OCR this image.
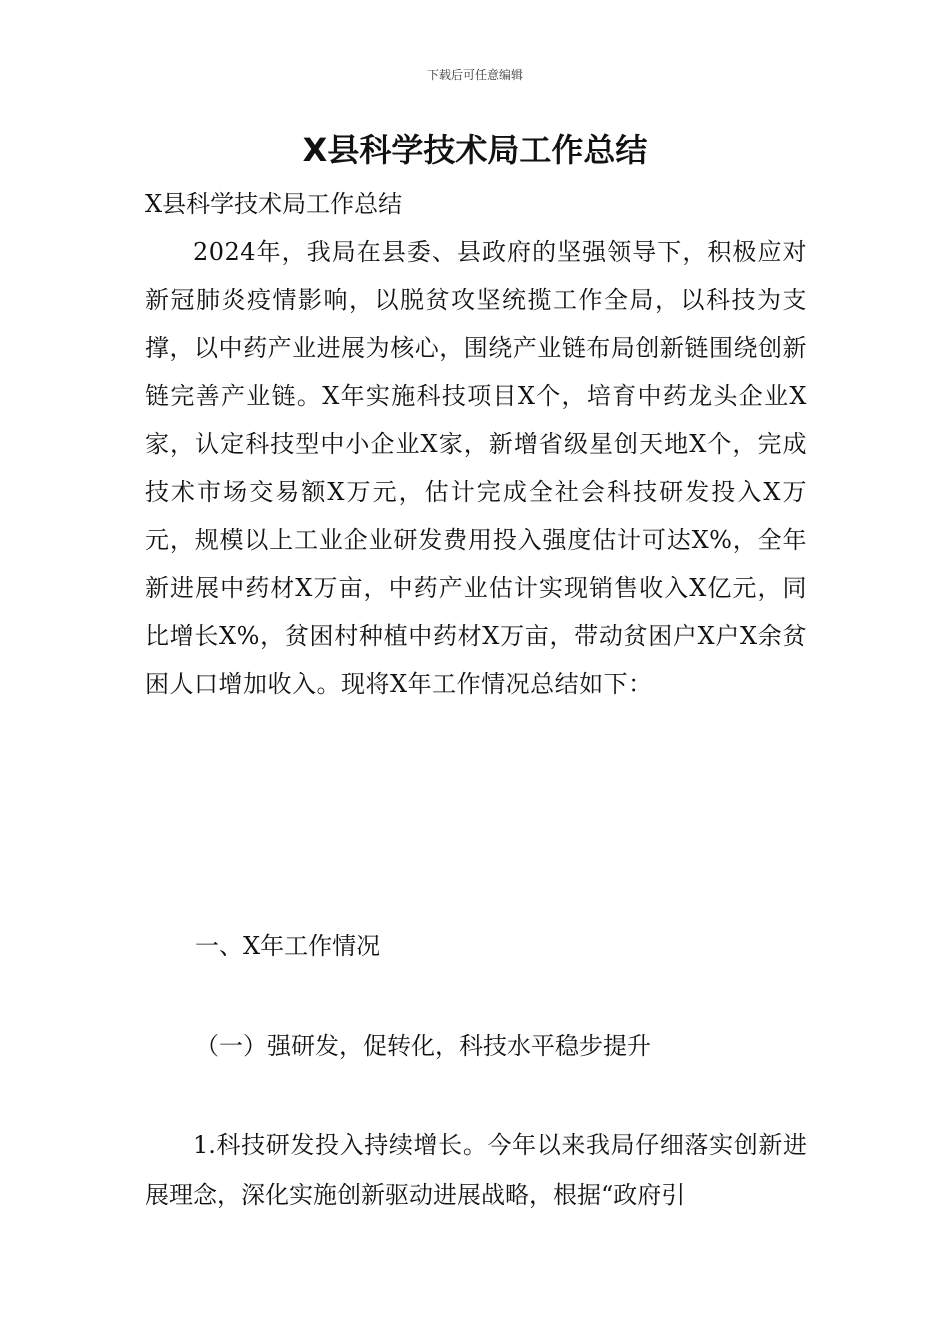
下载后可任意编辑
X县科学技术局工作总结

X县科学技术局工作总结

2024年，我局在县委、县政府的坚强领导下，积极应对新冠肺炎疫情影响，以脱贫攻坚统揽工作全局，以科技为支撑，以中药产业进展为核心，围绕产业链布局创新链围绕创新链完善产业链。X年实施科技项目X个，培育中药龙头企业X家，认定科技型中小企业X家，新增省级星创天地X个，完成技术市场交易额X万元，估计完成全社会科技研发投入X万元，规模以上工业企业研发费用投入强度估计可达X%，全年新进展中药材X万亩，中药产业估计实现销售收入X亿元，同比增长X%，贫困村种植中药材X万亩，带动贫困户X户X余贫困人口增加收入。现将X年工作情况总结如下：

一、X年工作情况
（一）强研发，促转化，科技水平稳步提升

1.科技研发投入持续增长。今年以来我局仔细落实创新进展理念，深化实施创新驱动进展战略，根据“政府引
